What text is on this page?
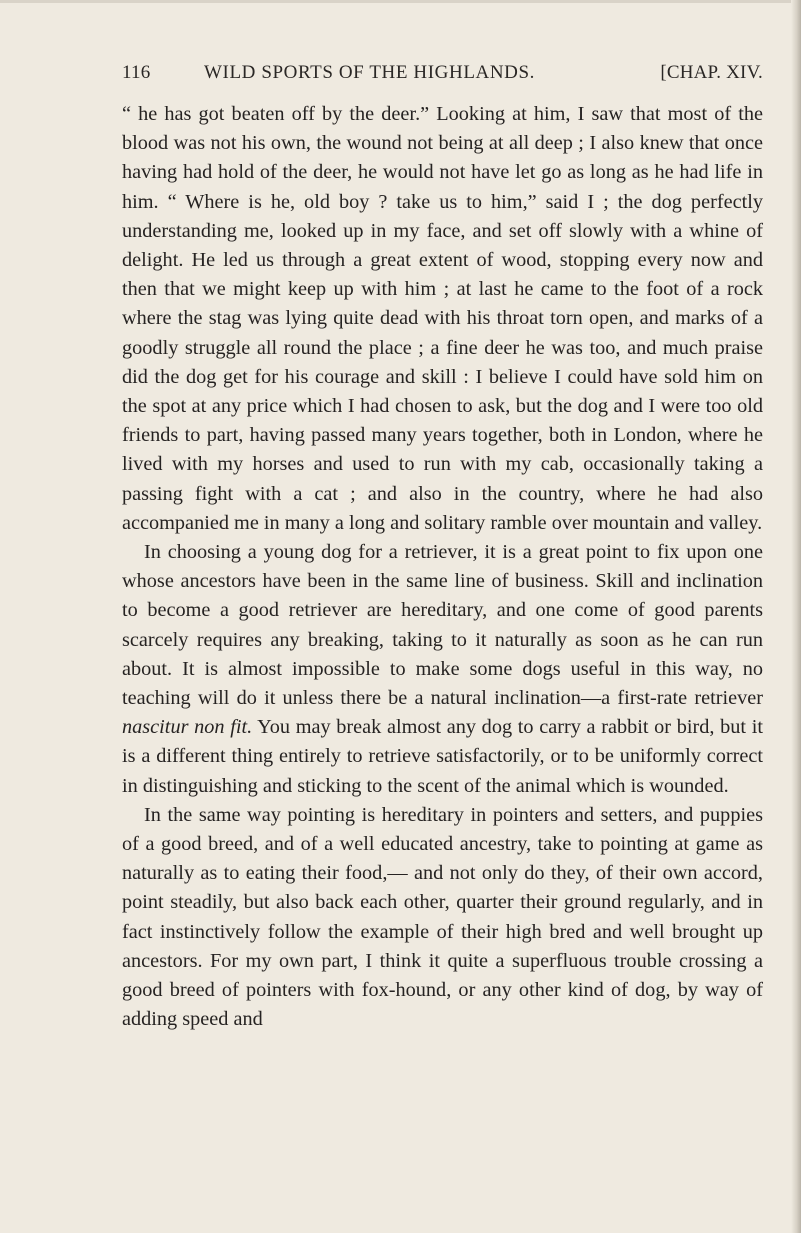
116	WILD SPORTS OF THE HIGHLANDS.	[CHAP. XIV.

“ he has got beaten off by the deer.” Looking at him, I saw that most of the blood was not his own, the wound not being at all deep ; I also knew that once having had hold of the deer, he would not have let go as long as he had life in him. “ Where is he, old boy ? take us to him,” said I ; the dog perfectly understanding me, looked up in my face, and set off slowly with a whine of delight. He led us through a great extent of wood, stopping every now and then that we might keep up with him ; at last he came to the foot of a rock where the stag was lying quite dead with his throat torn open, and marks of a goodly struggle all round the place ; a fine deer he was too, and much praise did the dog get for his courage and skill : I believe I could have sold him on the spot at any price which I had chosen to ask, but the dog and I were too old friends to part, having passed many years together, both in London, where he lived with my horses and used to run with my cab, occasionally taking a passing fight with a cat ; and also in the country, where he had also accompanied me in many a long and solitary ramble over mountain and valley.

In choosing a young dog for a retriever, it is a great point to fix upon one whose ancestors have been in the same line of business. Skill and inclination to become a good retriever are hereditary, and one come of good parents scarcely requires any breaking, taking to it naturally as soon as he can run about. It is almost impossible to make some dogs useful in this way, no teaching will do it unless there be a natural inclination—a first-rate retriever nascitur non fit. You may break almost any dog to carry a rabbit or bird, but it is a different thing entirely to retrieve satisfactorily, or to be uniformly correct in distinguishing and sticking to the scent of the animal which is wounded.

In the same way pointing is hereditary in pointers and setters, and puppies of a good breed, and of a well educated ancestry, take to pointing at game as naturally as to eating their food,— and not only do they, of their own accord, point steadily, but also back each other, quarter their ground regularly, and in fact instinctively follow the example of their high bred and well brought up ancestors. For my own part, I think it quite a superfluous trouble crossing a good breed of pointers with fox-hound, or any other kind of dog, by way of adding speed and
